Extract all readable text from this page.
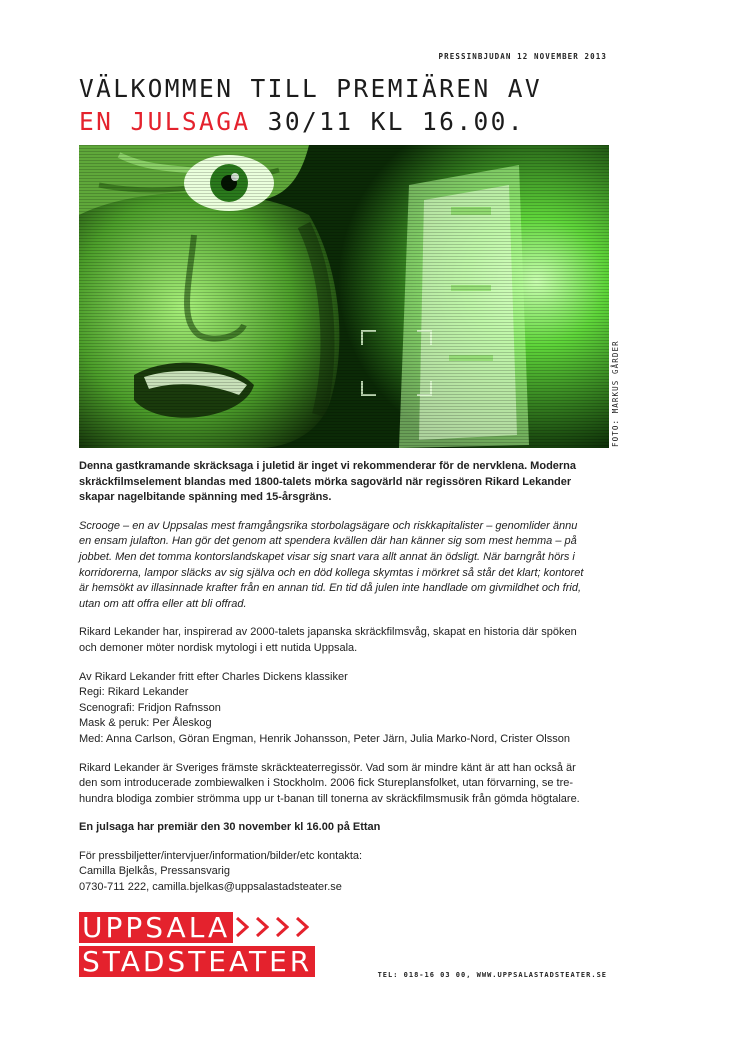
PRESSINBJUDAN 12 NOVEMBER 2013
VÄLKOMMEN TILL PREMIÄREN AV
EN JULSAGA 30/11 KL 16.00.
FOTO: MARKUS GÅRDER

Denna gastkramande skräcksaga i juletid är inget vi rekommenderar för de nervklena. Moderna
skräckfilmselement blandas med 1800-talets mörka sagovärld när regissören Rikard Lekander
skapar nagelbitande spänning med 15-årsgräns.

Scrooge – en av Uppsalas mest framgångsrika storbolagsägare och riskkapitalister – genomlider ännu
en ensam julafton. Han gör det genom att spendera kvällen där han känner sig som mest hemma – på
jobbet. Men det tomma kontorslandskapet visar sig snart vara allt annat än ödsligt. När barngråt hörs i
korridorerna, lampor släcks av sig själva och en död kollega skymtas i mörkret så står det klart; kontoret
är hemsökt av illasinnade krafter från en annan tid. En tid då julen inte handlade om givmildhet och frid,
utan om att offra eller att bli offrad.

Rikard Lekander har, inspirerad av 2000-talets japanska skräckfilmsvåg, skapat en historia där spöken
och demoner möter nordisk mytologi i ett nutida Uppsala.

Av Rikard Lekander fritt efter Charles Dickens klassiker
Regi: Rikard Lekander
Scenografi: Fridjon Rafnsson
Mask & peruk: Per Åleskog
Med: Anna Carlson, Göran Engman, Henrik Johansson, Peter Järn, Julia Marko-Nord, Crister Olsson

Rikard Lekander är Sveriges främste skräckteaterregissör. Vad som är mindre känt är att han också är
den som introducerade zombiewalken i Stockholm. 2006 fick Stureplansfolket, utan förvarning, se tre-
hundra blodiga zombier strömma upp ur t-banan till tonerna av skräckfilmsmusik från gömda högtalare.

En julsaga har premiär den 30 november kl 16.00 på Ettan

För pressbiljetter/intervjuer/information/bilder/etc kontakta:
Camilla Bjelkås, Pressansvarig
0730-711 222, camilla.bjelkas@uppsalastadsteater.se

UPPSALA
STADSTEATER	TEL: 018-16 03 00, WWW.UPPSALASTADSTEATER.SE
